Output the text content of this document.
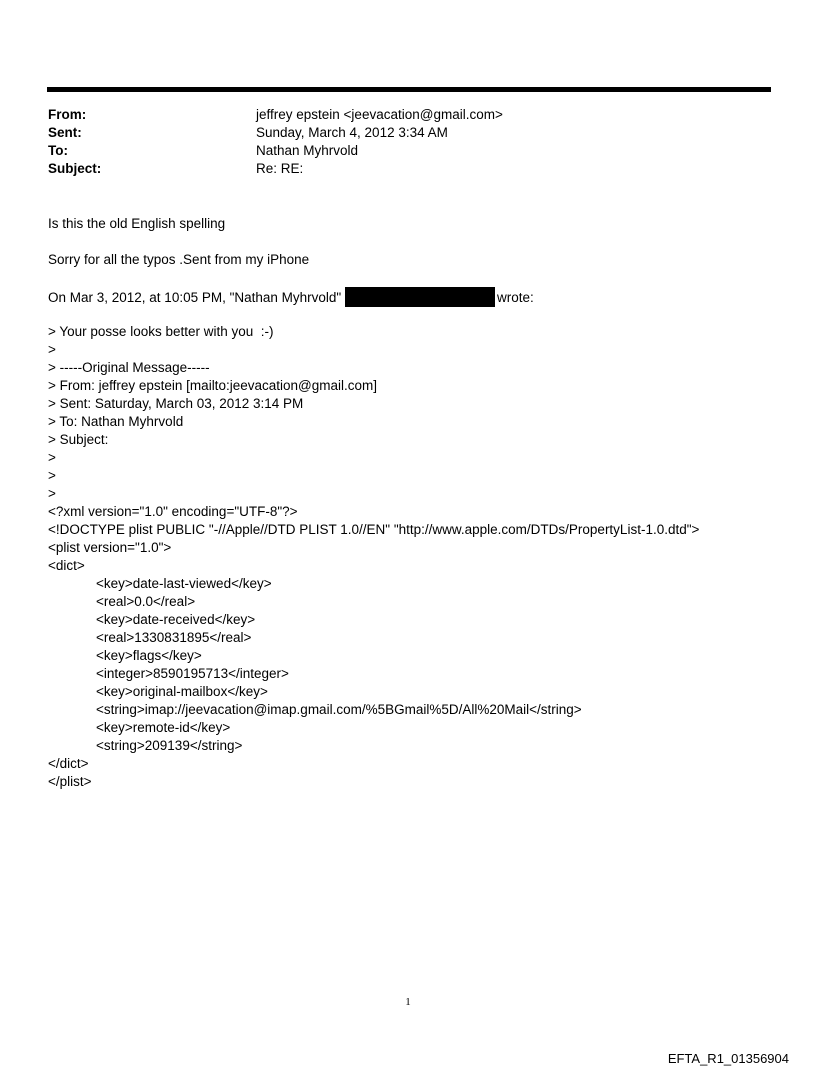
From:	jeffrey epstein <jeevacation@gmail.com>
Sent:	Sunday, March 4, 2012 3:34 AM
To:	Nathan Myhrvold
Subject:	Re: RE:

Is this the old English spelling

Sorry for all the typos .Sent from my iPhone

On Mar 3, 2012, at 10:05 PM, "Nathan Myhrvold"	wrote:

> Your posse looks better with you  :-)

>

> -----Original Message-----

> From: jeffrey epstein [mailto:jeevacation@gmail.com]

> Sent: Saturday, March 03, 2012 3:14 PM

> To: Nathan Myhrvold

> Subject:

>

>

>

<?xml version="1.0" encoding="UTF-8"?>

<!DOCTYPE plist PUBLIC "-//Apple//DTD PLIST 1.0//EN" "http://www.apple.com/DTDs/PropertyList-1.0.dtd">

<plist version="1.0">

<dict>

<key>date-last-viewed</key>

<real>0.0</real>

<key>date-received</key>

<real>1330831895</real>

<key>flags</key>

<integer>8590195713</integer>

<key>original-mailbox</key>

<string>imap://jeevacation@imap.gmail.com/%5BGmail%5D/All%20Mail</string>

<key>remote-id</key>

<string>209139</string>

</dict>

</plist>

1
EFTA_R1_01356904
